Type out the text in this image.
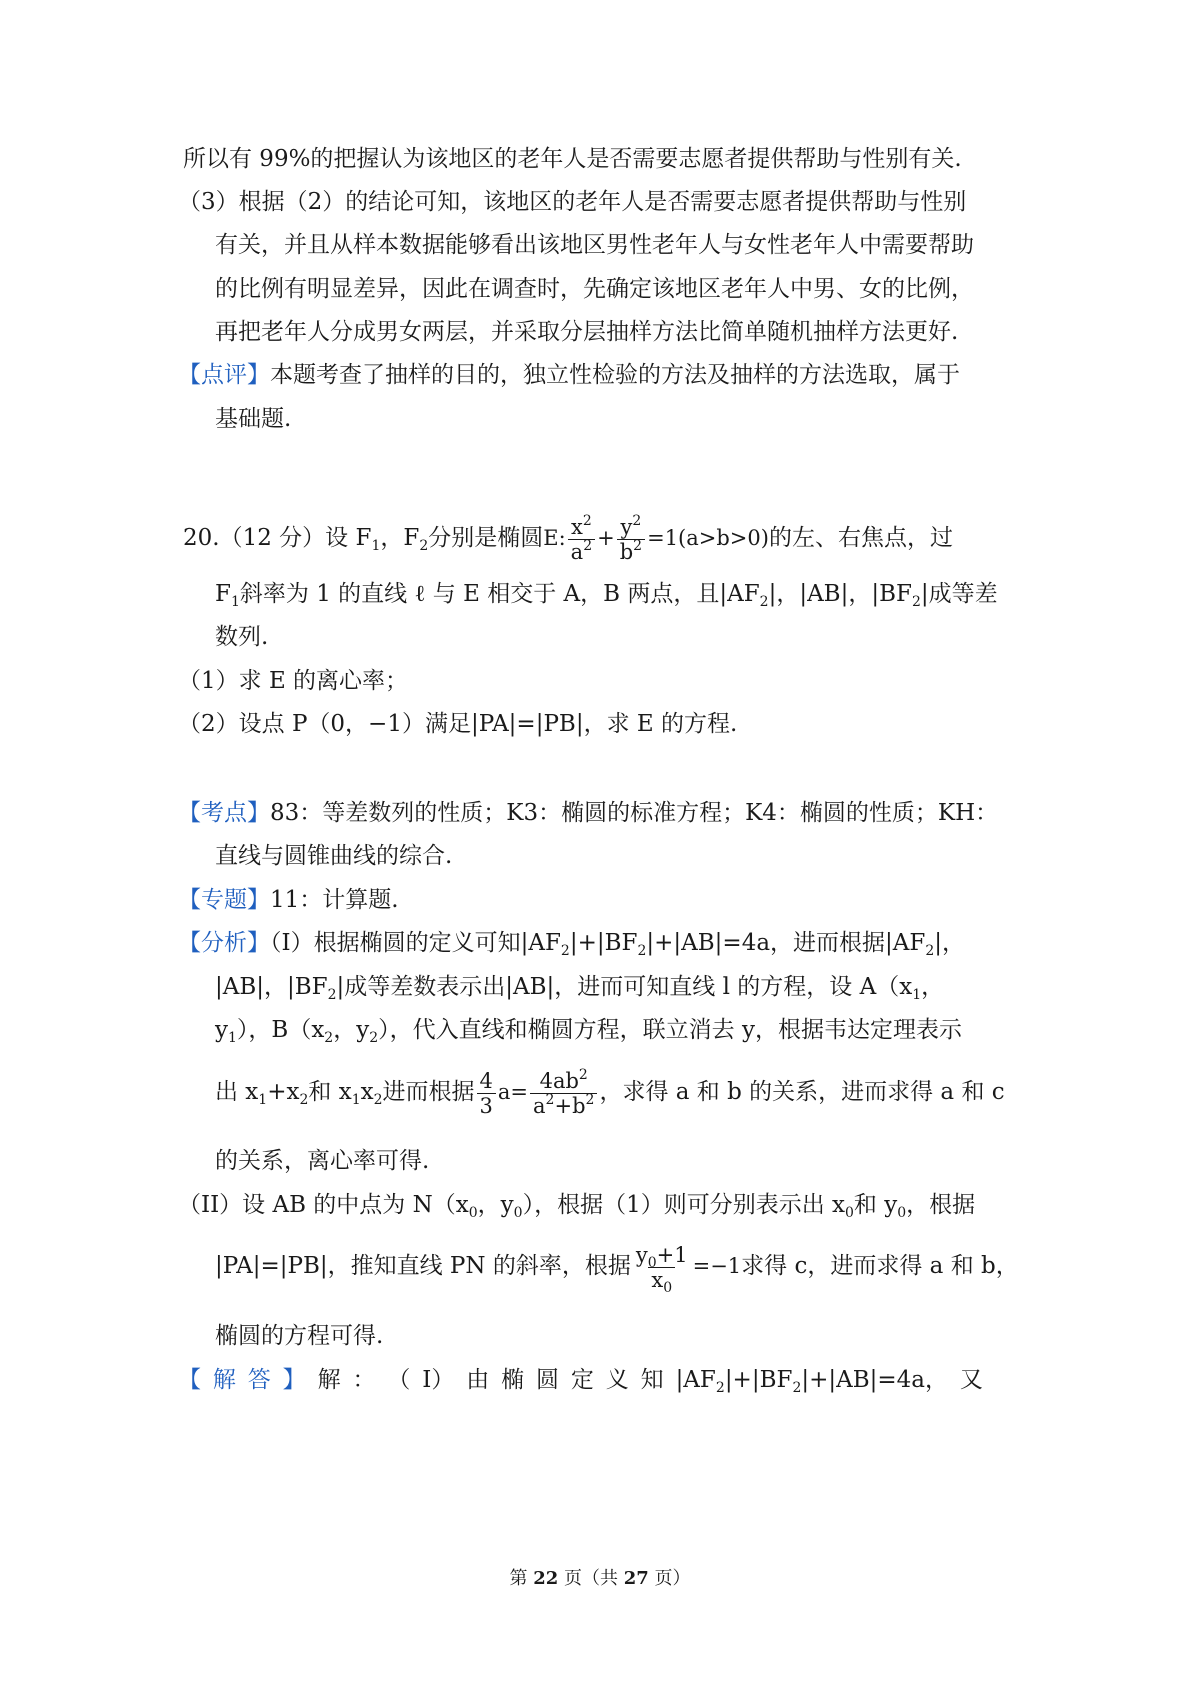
所以有 99%的把握认为该地区的老年人是否需要志愿者提供帮助与性别有关.
（3）根据（2）的结论可知，该地区的老年人是否需要志愿者提供帮助与性别
有关，并且从样本数据能够看出该地区男性老年人与女性老年人中需要帮助
的比例有明显差异，因此在调查时，先确定该地区老年人中男、女的比例，
再把老年人分成男女两层，并采取分层抽样方法比简单随机抽样方法更好.
【点评】本题考查了抽样的目的，独立性检验的方法及抽样的方法选取，属于
基础题.
20.（12 分）设 $F_1$，$F_2$分别是椭圆E: $\frac{x^2}{a^2} + \frac{y^2}{b^2} =1(a>b>0)$的左、右焦点，过
$F_1$斜率为 1 的直线 ℓ 与 E 相交于 A，B 两点，且$|AF_2|$，|AB|，$|BF_2|$成等差
数列.
（1）求 E 的离心率；
（2）设点 P（0，−1）满足|PA|=|PB|，求 E 的方程.
【考点】83：等差数列的性质；K3：椭圆的标准方程；K4：椭圆的性质；KH：
直线与圆锥曲线的综合.
【专题】11：计算题.
【分析】（I）根据椭圆的定义可知$|AF_2|+|BF_2|+|AB|=4a$，进而根据$|AF_2|$，
|AB|，$|BF_2|$成等差数表示出|AB|，进而可知直线 l 的方程，设 $A(x_1$，
$y_1$），$B(x_2$，$y_2$），代入直线和椭圆方程，联立消去 y，根据韦达定理表示
出 $x_1+x_2$和 $x_1x_2$进而根据 $\frac{4}{3} a= \frac{4ab^2}{a^2+b^2}$ ，求得 a 和 b 的关系，进而求得 a 和 c
的关系，离心率可得.
（II）设 AB 的中点为 $N(x_0$，$y_0$），根据（1）则可分别表示出 $x_0$和 $y_0$，根据
|PA|=|PB|，推知直线 PN 的斜率，根据 $\frac{y_0+1}{x_0} =-1$求得 c，进而求得 a 和 b，
椭圆的方程可得.
【 解 答 】 解 ： （ I） 由 椭 圆 定 义 知 $|AF_2|+|BF_2|+|AB|=4a$， 又
第 22 页（共 27 页）
